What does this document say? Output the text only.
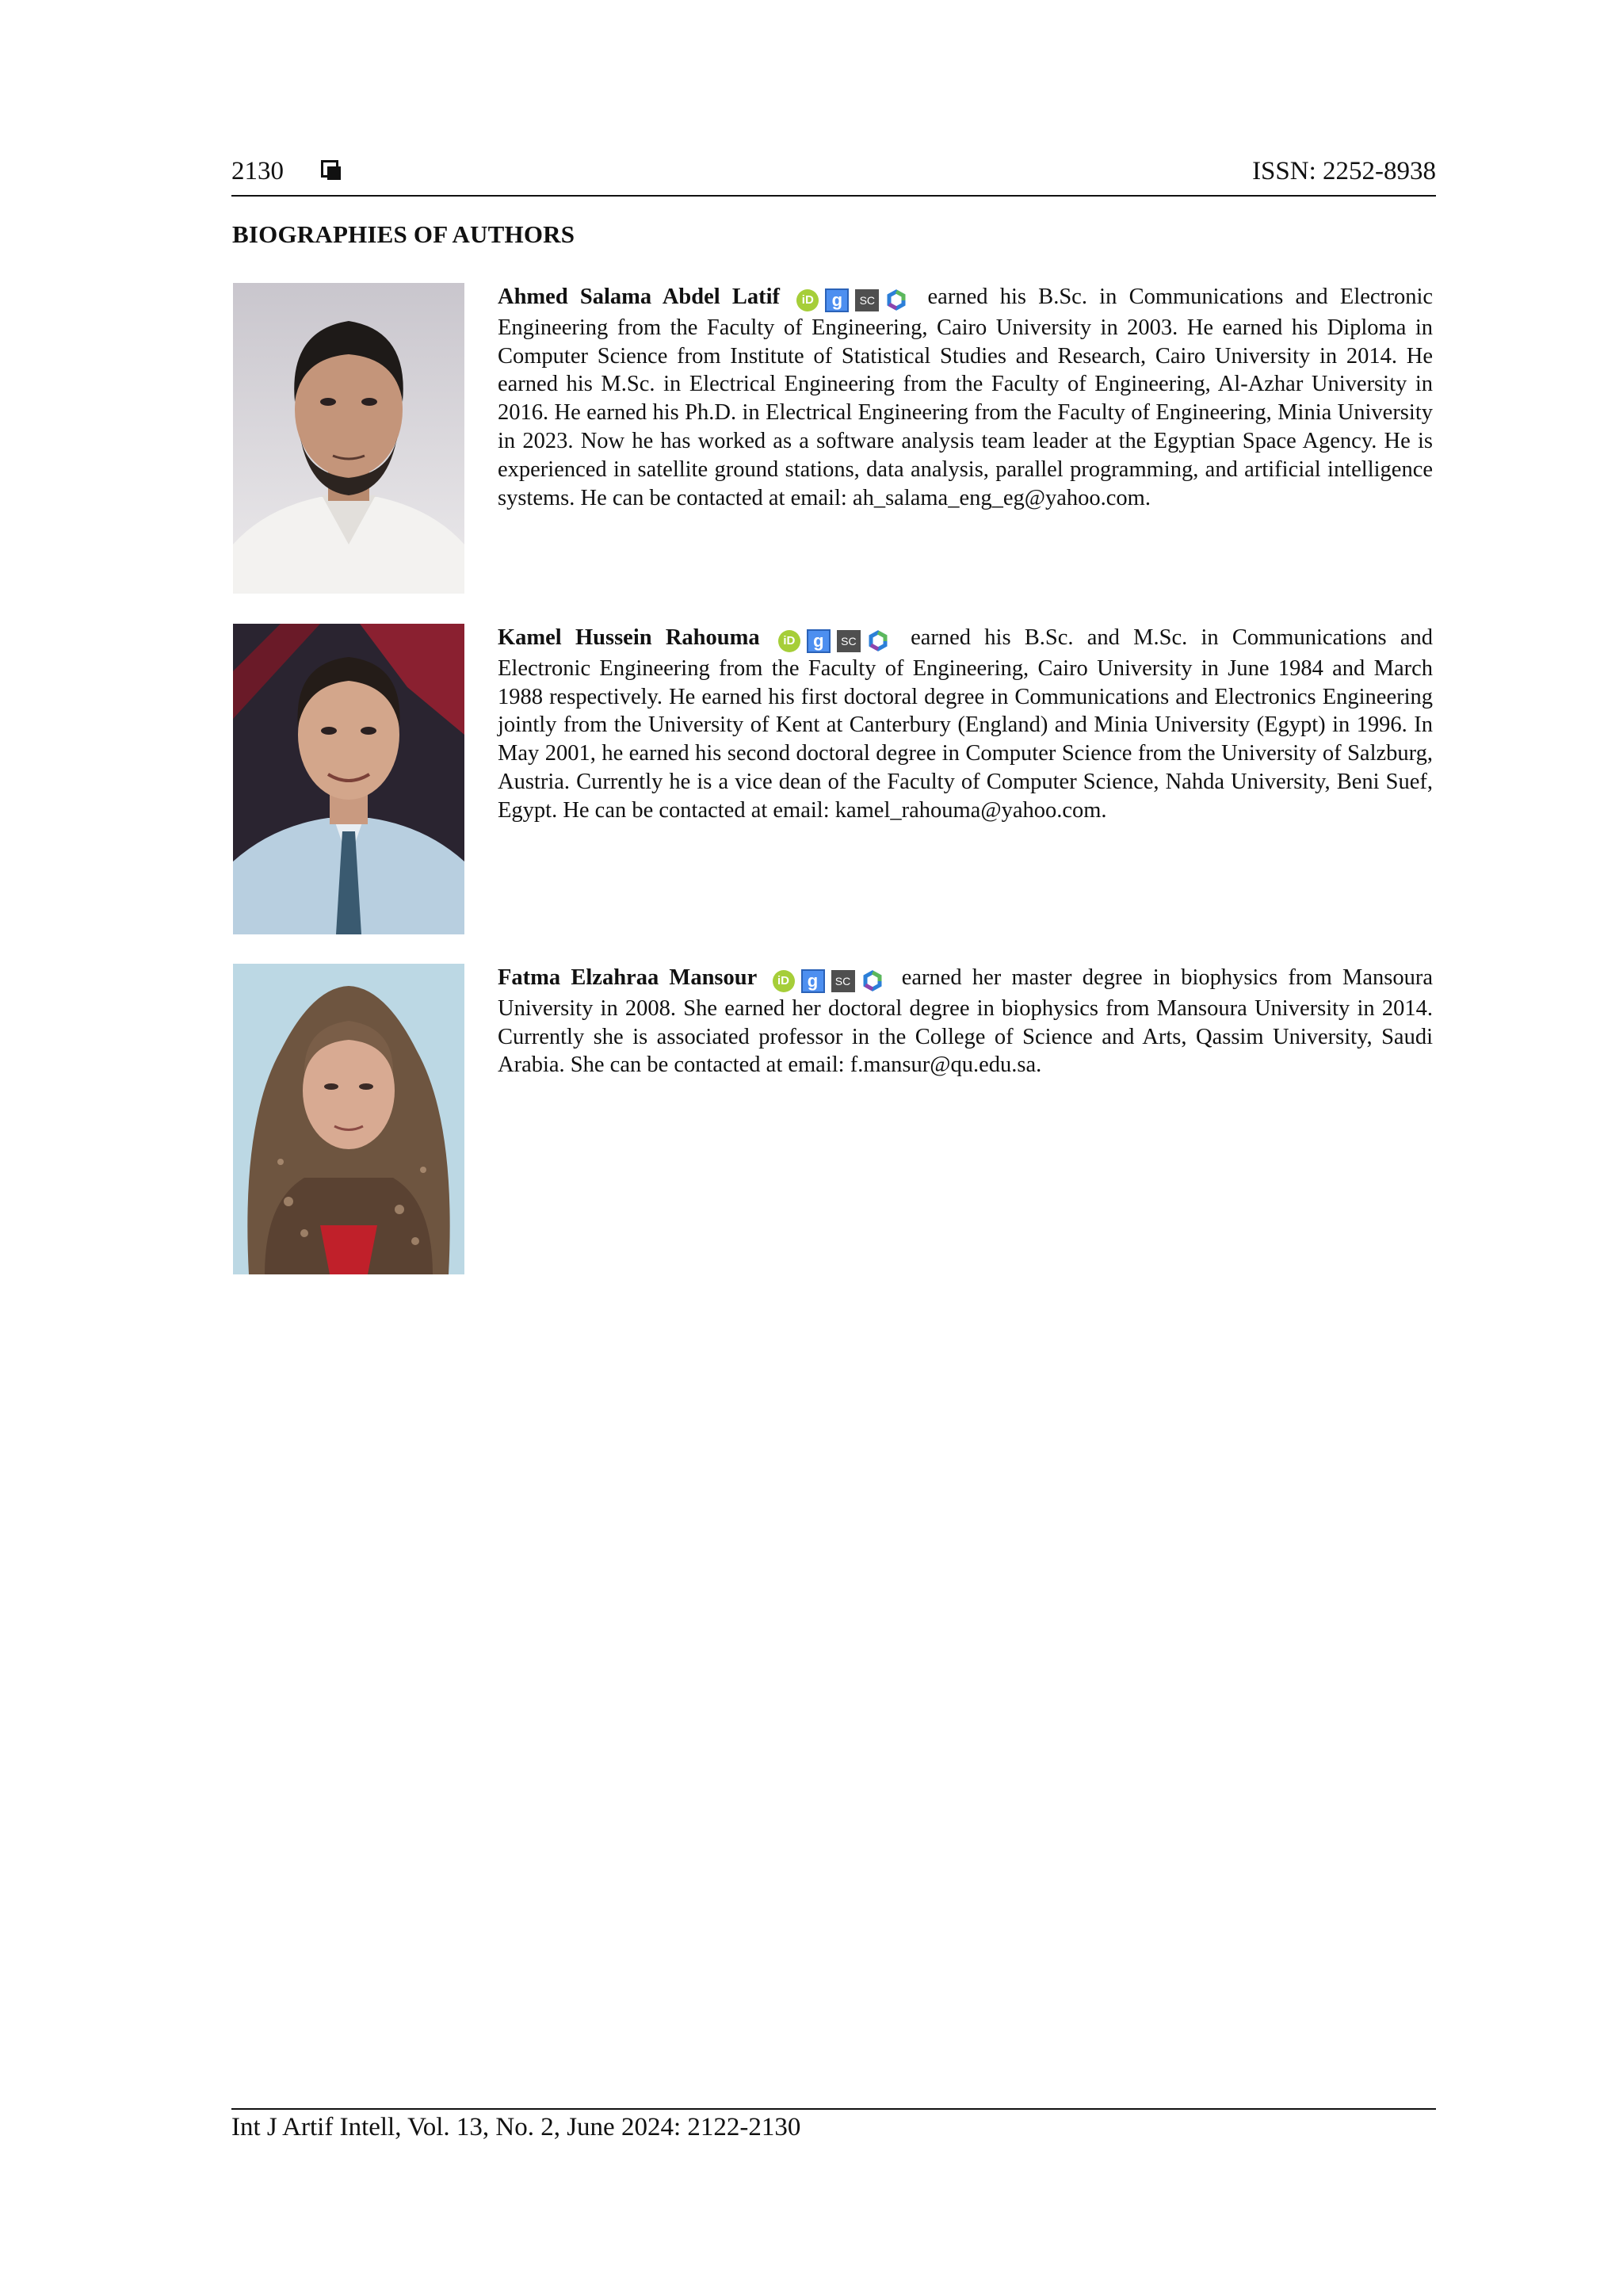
2130	ISSN: 2252-8938
BIOGRAPHIES OF AUTHORS

Ahmed Salama Abdel Latif iD g SC earned his B.Sc. in Communications and Electronic Engineering from the Faculty of Engineering, Cairo University in 2003. He earned his Diploma in Computer Science from Institute of Statistical Studies and Research, Cairo University in 2014. He earned his M.Sc. in Electrical Engineering from the Faculty of Engineering, Al-Azhar University in 2016. He earned his Ph.D. in Electrical Engineering from the Faculty of Engineering, Minia University in 2023. Now he has worked as a software analysis team leader at the Egyptian Space Agency. He is experienced in satellite ground stations, data analysis, parallel programming, and artificial intelligence systems. He can be contacted at email: ah_salama_eng_eg@yahoo.com.

Kamel Hussein Rahouma iD g SC earned his B.Sc. and M.Sc. in Communications and Electronic Engineering from the Faculty of Engineering, Cairo University in June 1984 and March 1988 respectively. He earned his first doctoral degree in Communications and Electronics Engineering jointly from the University of Kent at Canterbury (England) and Minia University (Egypt) in 1996. In May 2001, he earned his second doctoral degree in Computer Science from the University of Salzburg, Austria. Currently he is a vice dean of the Faculty of Computer Science, Nahda University, Beni Suef, Egypt. He can be contacted at email: kamel_rahouma@yahoo.com.

Fatma Elzahraa Mansour iD g SC earned her master degree in biophysics from Mansoura University in 2008. She earned her doctoral degree in biophysics from Mansoura University in 2014. Currently she is associated professor in the College of Science and Arts, Qassim University, Saudi Arabia. She can be contacted at email: f.mansur@qu.edu.sa.

Int J Artif Intell, Vol. 13, No. 2, June 2024: 2122-2130
